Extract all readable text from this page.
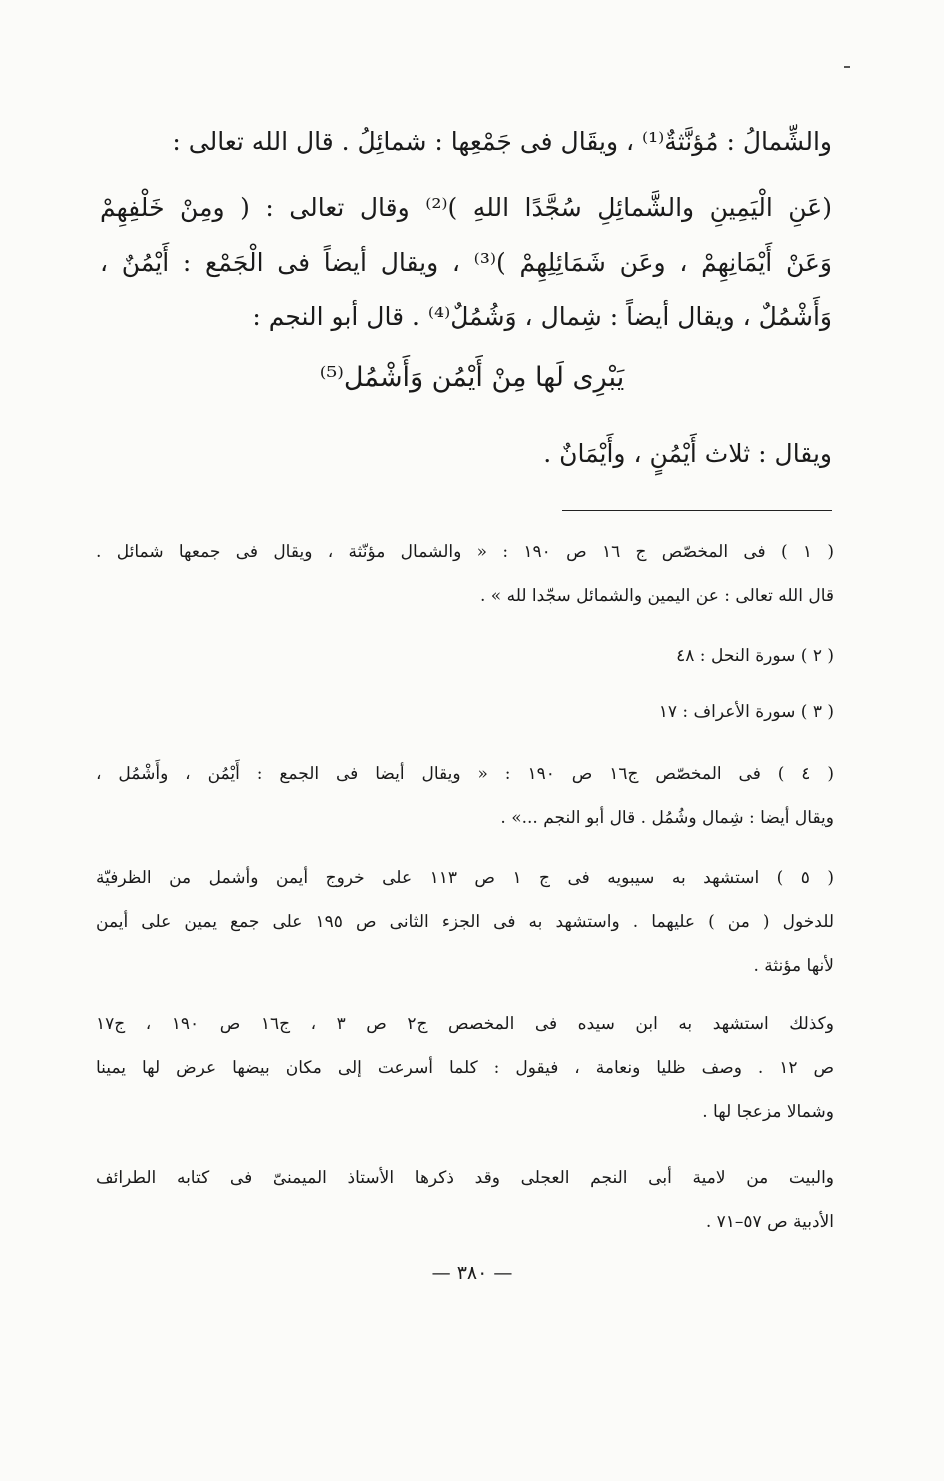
والشِّمالُ : مُؤنَّثةٌ⁽¹⁾ ، ويقَال فى جَمْعِها : شمائِلُ . قال الله تعالى :
(عَنِ الْيَمِينِ والشَّمائِلِ سُجَّدًا اللهِ )⁽²⁾ وقال تعالى : ( ومِنْ خَلْفِهِمْ
وَعَنْ أَيْمَانِهِمْ ، وعَن شَمَائِلِهِمْ )⁽³⁾ ، ويقال أيضاً فى الْجَمْع : أَيْمُنٌ ،
وَأَشْمُلٌ ، ويقال أيضاً : شِمال ، وَشُمُلٌ⁽⁴⁾ . قال أبو النجم :
يَبْرِى لَها مِنْ أَيْمُن وَأَشْمُل⁽⁵⁾
ويقال : ثلاث أَيْمُنٍ ، وأَيْمَانٌ .
( ١ ) فى المخصّص ج ١٦ ص ١٩٠ : « والشمال مؤنّثة ، ويقال فى جمعها شمائل .
قال الله تعالى : عن اليمين والشمائل سجّدا لله » .
( ٢ ) سورة النحل : ٤٨
( ٣ ) سورة الأعراف : ١٧
( ٤ ) فى المخصّص ج١٦ ص ١٩٠ : « ويقال أيضا فى الجمع : أَيْمُن ، وأَشْمُل ،
ويقال أيضا : شِمال وشُمُل . قال أبو النجم ...» .
( ٥ ) استشهد به سيبويه فى ج ١ ص ١١٣ على خروج أيمن وأشمل من الظرفيّة
للدخول ( من ) عليهما . واستشهد به فى الجزء الثانى ص ١٩٥ على جمع يمين على أيمن
لأنها مؤنثة .
وكذلك استشهد به ابن سيده فى المخصص ج٢ ص ٣ ، ج١٦ ص ١٩٠ ، ج١٧
ص ١٢ . وصف ظليا ونعامة ، فيقول : كلما أسرعت إلى مكان بيضها عرض لها يمينا
وشمالا مزعجا لها .
والبيت من لامية أبى النجم العجلى وقد ذكرها الأستاذ الميمنىّ فى كتابه الطرائف
الأدبية ص ٥٧–٧١ .
— ٣٨٠ —
